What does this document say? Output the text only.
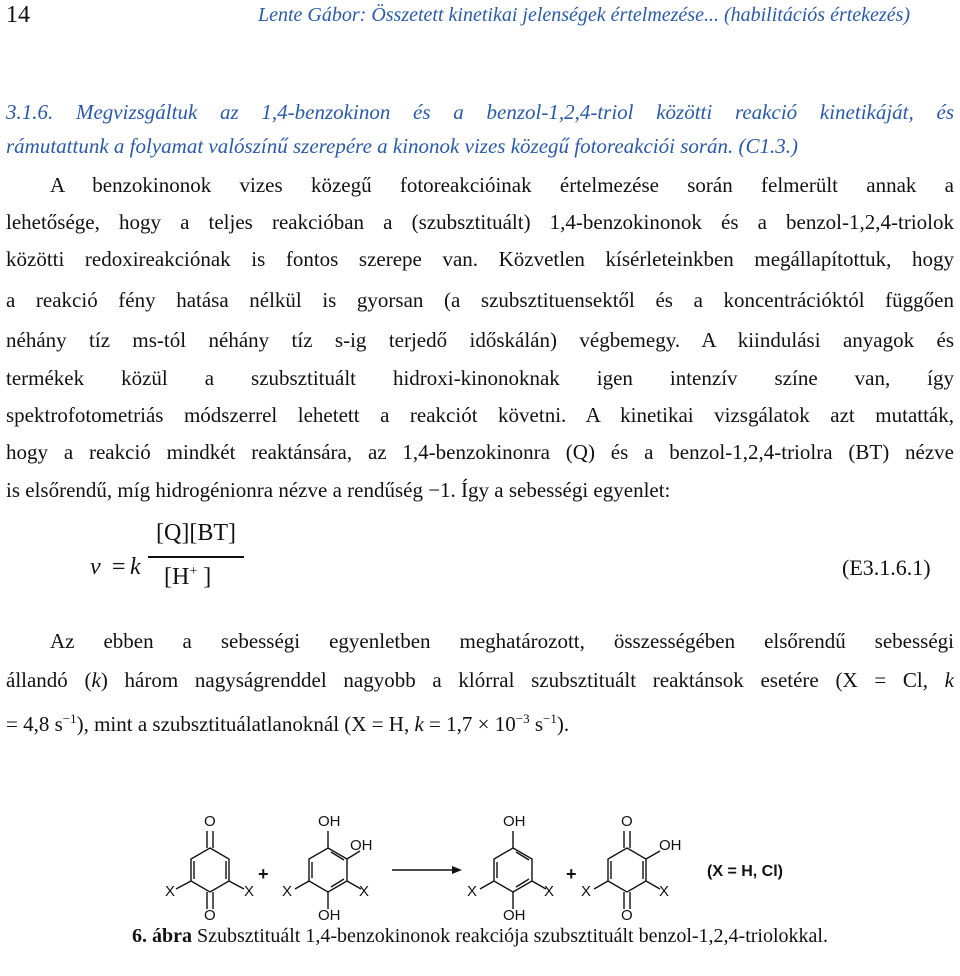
14	Lente Gábor: Összetett kinetikai jelenségek értelmezése... (habilitációs értekezés)
3.1.6. Megvizsgáltuk az 1,4-benzokinon és a benzol-1,2,4-triol közötti reakció kinetikáját, és
rámutattunk a folyamat valószínű szerepére a kinonok vizes közegű fotoreakciói során. (C1.3.)
A benzokinonok vizes közegű fotoreakcióinak értelmezése során felmerült annak a
lehetősége, hogy a teljes reakcióban a (szubsztituált) 1,4-benzokinonok és a benzol-1,2,4-triolok
közötti redoxireakciónak is fontos szerepe van. Közvetlen kísérleteinkben megállapítottuk, hogy
a reakció fény hatása nélkül is gyorsan (a szubsztituensektől és a koncentrációktól függően
néhány tíz ms-tól néhány tíz s-ig terjedő időskálán) végbemegy. A kiindulási anyagok és
termékek közül a szubsztituált hidroxi-kinonoknak igen intenzív színe van, így
spektrofotometriás módszerrel lehetett a reakciót követni. A kinetikai vizsgálatok azt mutatták,
hogy a reakció mindkét reaktánsára, az 1,4-benzokinonra (Q) és a benzol-1,2,4-triolra (BT) nézve
is elsőrendű, míg hidrogénionra nézve a rendűség −1. Így a sebességi egyenlet:
v = k
[Q][BT]
[H+ ]	(E3.1.6.1)
Az ebben a sebességi egyenletben meghatározott, összességében elsőrendű sebességi
állandó (k) három nagyságrenddel nagyobb a klórral szubsztituált reaktánsok esetére (X = Cl, k
= 4,8 $s^{-1}$), mint a szubsztituálatlanoknál (X = H, $k = 1,7 \times 10^{-3}$ $s^{-1}$).
O
O
X	X
+
OH
OH
OH
X	X
OH
OH
X	X
+
O
O
OH
X	X
(X = H, Cl)
6. ábra Szubsztituált 1,4-benzokinonok reakciója szubsztituált benzol-1,2,4-triolokkal.
